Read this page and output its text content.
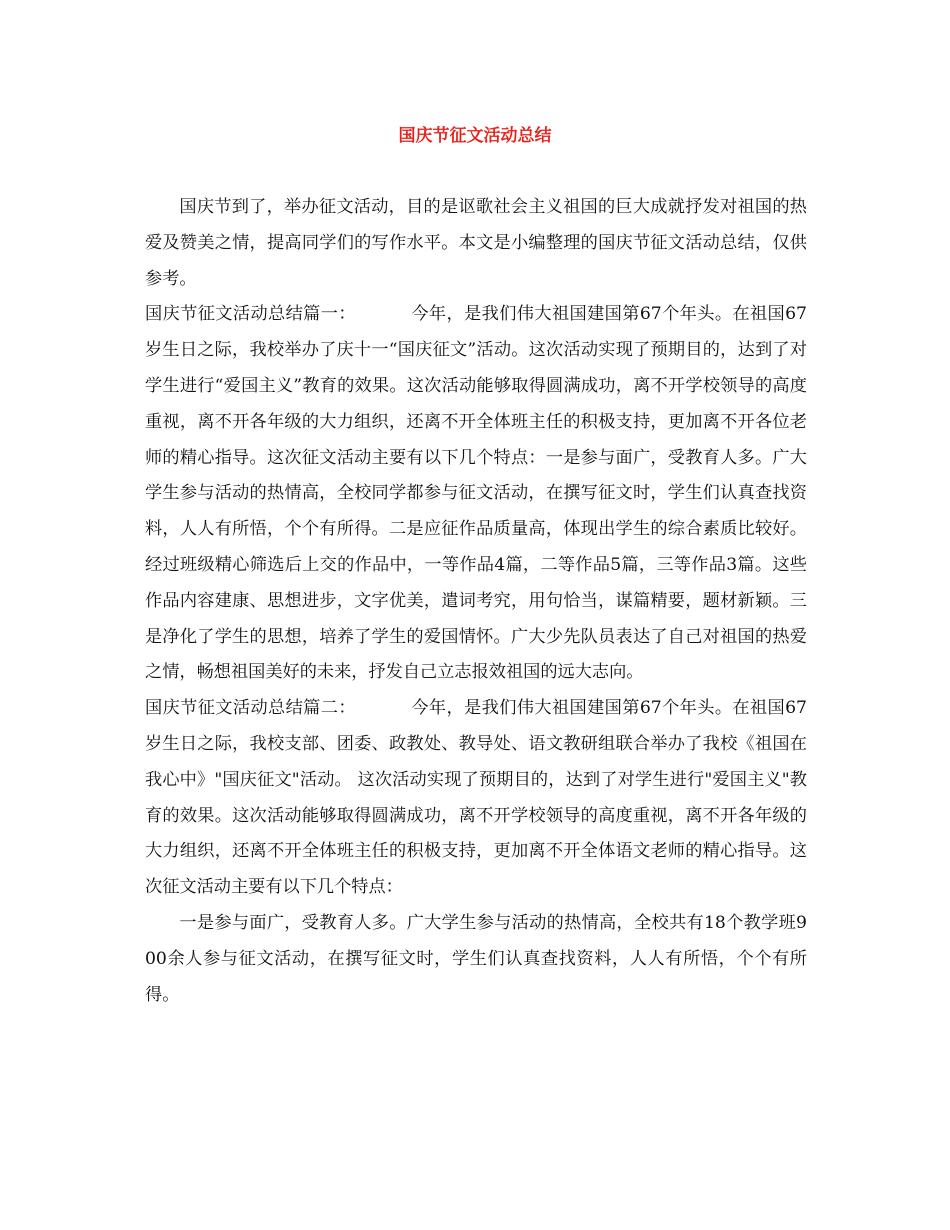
国庆节征文活动总结

国庆节到了，举办征文活动，目的是讴歌社会主义祖国的巨大成就抒发对祖国的热爱及赞美之情，提高同学们的写作水平。本文是小编整理的国庆节征文活动总结，仅供参考。

国庆节征文活动总结篇一：	今年，是我们伟大祖国建国第67个年头。在祖国67岁生日之际，我校举办了庆十一“国庆征文”活动。这次活动实现了预期目的，达到了对学生进行“爱国主义”教育的效果。这次活动能够取得圆满成功，离不开学校领导的高度重视，离不开各年级的大力组织，还离不开全体班主任的积极支持，更加离不开各位老师的精心指导。这次征文活动主要有以下几个特点：一是参与面广，受教育人多。广大学生参与活动的热情高，全校同学都参与征文活动，在撰写征文时，学生们认真查找资料，人人有所悟，个个有所得。二是应征作品质量高，体现出学生的综合素质比较好。经过班级精心筛选后上交的作品中，一等作品4篇，二等作品5篇，三等作品3篇。这些作品内容建康、思想进步，文字优美，遣词考究，用句恰当，谋篇精要，题材新颖。三是净化了学生的思想，培养了学生的爱国情怀。广大少先队员表达了自己对祖国的热爱之情，畅想祖国美好的未来，抒发自己立志报效祖国的远大志向。

国庆节征文活动总结篇二：	今年，是我们伟大祖国建国第67个年头。在祖国67岁生日之际，我校支部、团委、政教处、教导处、语文教研组联合举办了我校《祖国在我心中》"国庆征文"活动。 这次活动实现了预期目的，达到了对学生进行"爱国主义"教育的效果。这次活动能够取得圆满成功，离不开学校领导的高度重视，离不开各年级的大力组织，还离不开全体班主任的积极支持，更加离不开全体语文老师的精心指导。这次征文活动主要有以下几个特点：

一是参与面广，受教育人多。广大学生参与活动的热情高，全校共有18个教学班900余人参与征文活动，在撰写征文时，学生们认真查找资料，人人有所悟，个个有所得。
